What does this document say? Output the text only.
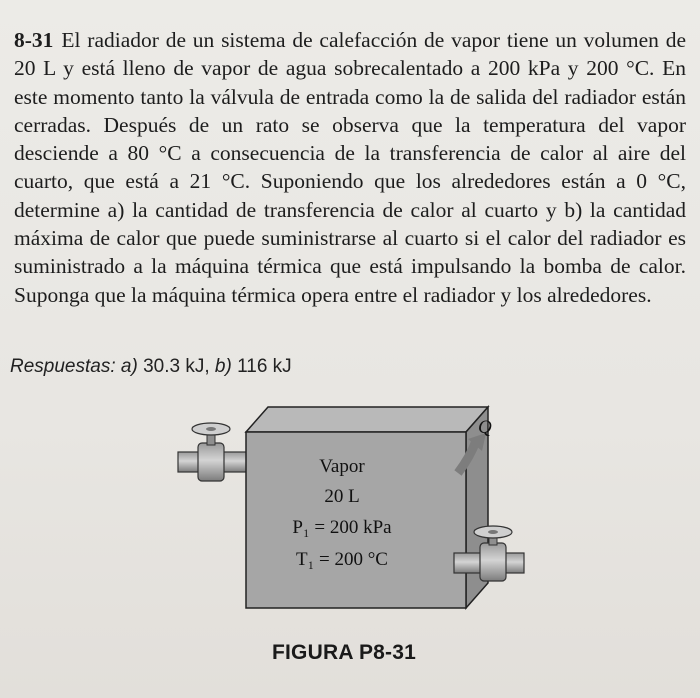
8-31 El radiador de un sistema de calefacción de vapor tiene un volumen de 20 L y está lleno de vapor de agua sobrecalentado a 200 kPa y 200 °C. En este momento tanto la válvula de entrada como la de salida del radiador están cerradas. Después de un rato se observa que la temperatura del vapor desciende a 80 °C a consecuencia de la transferencia de calor al aire del cuarto, que está a 21 °C. Suponiendo que los alrededores están a 0 °C, determine a) la cantidad de transferencia de calor al cuarto y b) la cantidad máxima de calor que puede suministrarse al cuarto si el calor del radiador es suministrado a la máquina térmica que está impulsando la bomba de calor. Suponga que la máquina térmica opera entre el radiador y los alrededores.
Respuestas: a) 30.3 kJ, b) 116 kJ
Q
Vapor
20 L
P₁ = 200 kPa
T₁ = 200 °C
FIGURA P8-31
